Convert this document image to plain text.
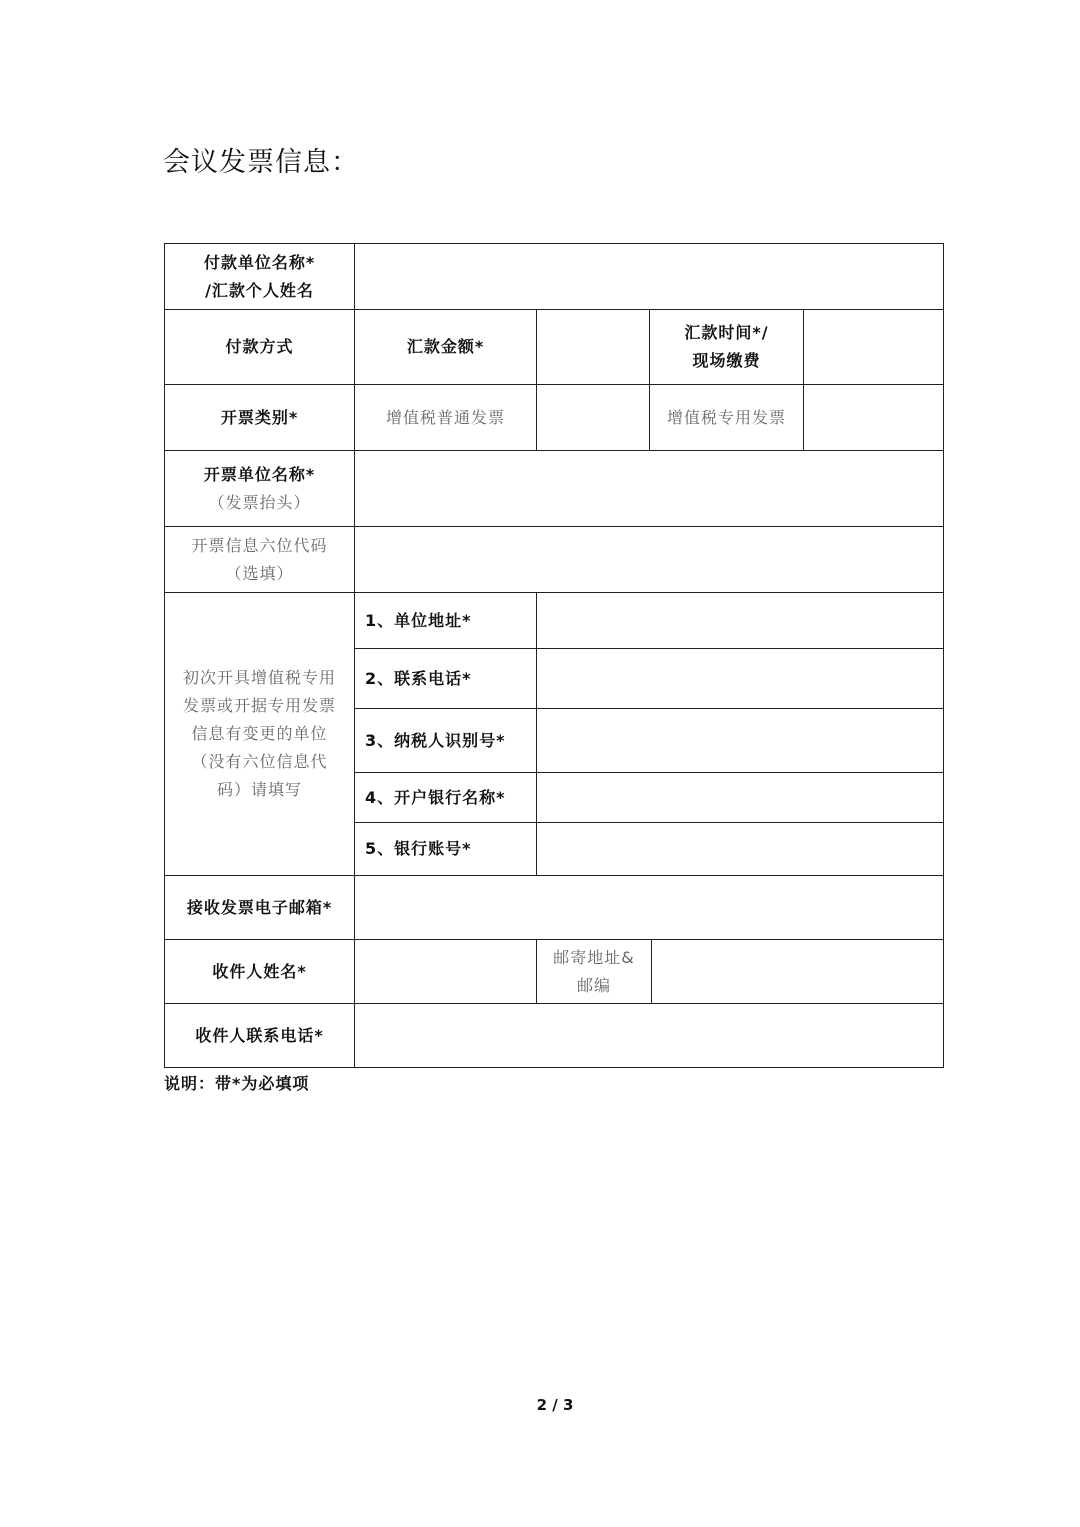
会议发票信息：
付款单位名称*
/汇款个人姓名					

付款方式	汇款金额*		汇款时间*/
现场缴费		

开票类别*	增值税普通发票		增值税专用发票		

开票单位名称*
（发票抬头）					

开票信息六位代码
（选填）					

初次开具增值税专用
发票或开据专用发票
信息有变更的单位
（没有六位信息代
码）请填写	1、单位地址*				
	2、联系电话*				
	3、纳税人识别号*				
	4、开户银行名称*				
	5、银行账号*				
接收发票电子邮箱*					
收件人姓名*		邮寄地址&
邮编			

收件人联系电话*					
说明：带*为必填项
2 / 3
